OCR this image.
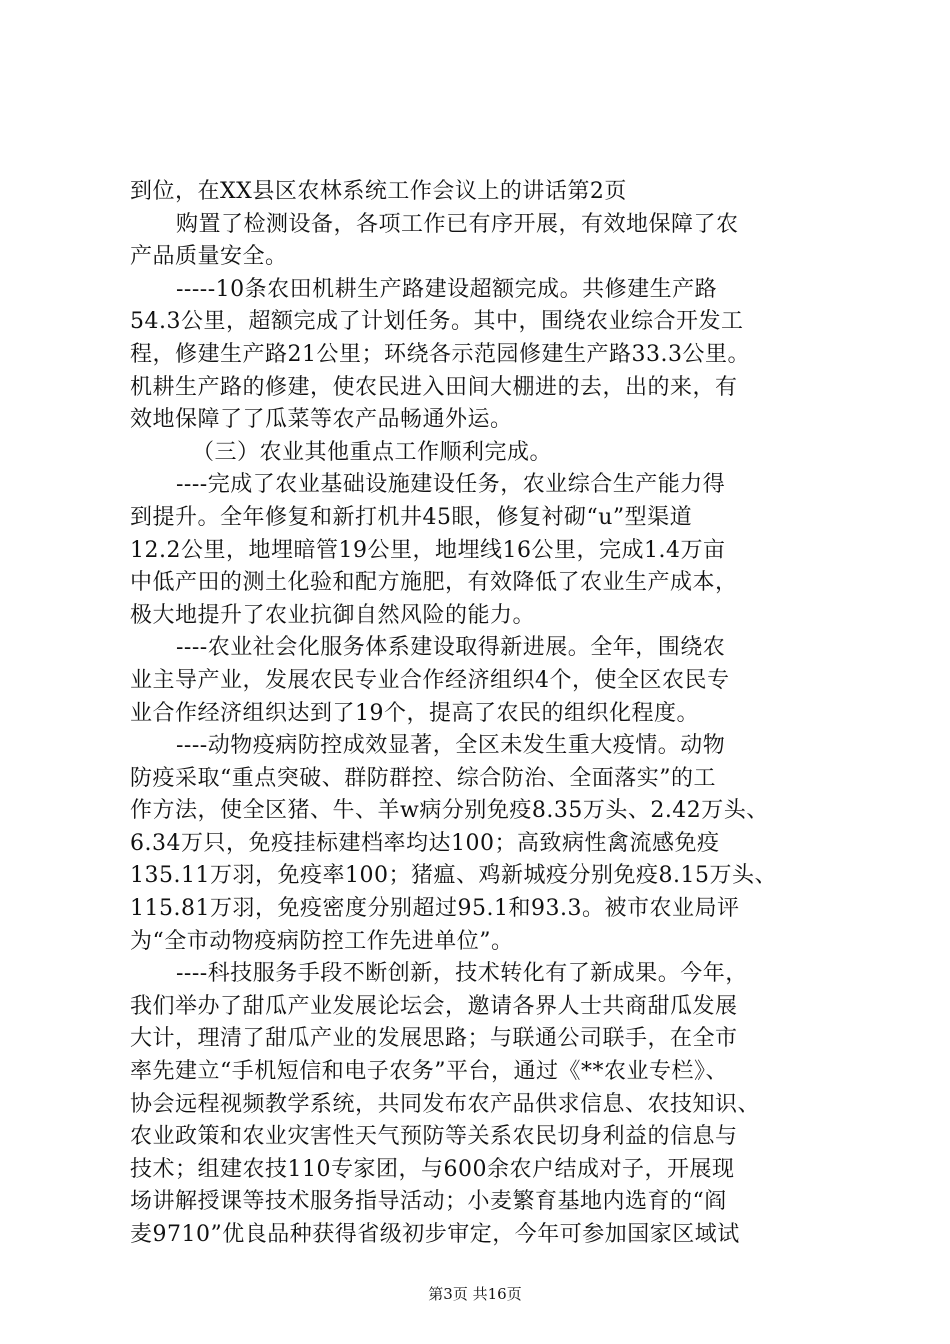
到位，在XX县区农林系统工作会议上的讲话第2页
购置了检测设备，各项工作已有序开展，有效地保障了农
产品质量安全。
-----10条农田机耕生产路建设超额完成。共修建生产路
54.3公里，超额完成了计划任务。其中，围绕农业综合开发工
程，修建生产路21公里；环绕各示范园修建生产路33.3公里。
机耕生产路的修建，使农民进入田间大棚进的去，出的来，有
效地保障了了瓜菜等农产品畅通外运。
（三）农业其他重点工作顺利完成。
----完成了农业基础设施建设任务，农业综合生产能力得
到提升。全年修复和新打机井45眼，修复衬砌“u”型渠道
12.2公里，地埋暗管19公里，地埋线16公里，完成1.4万亩
中低产田的测土化验和配方施肥，有效降低了农业生产成本，
极大地提升了农业抗御自然风险的能力。
----农业社会化服务体系建设取得新进展。全年，围绕农
业主导产业，发展农民专业合作经济组织4个，使全区农民专
业合作经济组织达到了19个，提高了农民的组织化程度。
----动物疫病防控成效显著，全区未发生重大疫情。动物
防疫采取“重点突破、群防群控、综合防治、全面落实”的工
作方法，使全区猪、牛、羊w病分别免疫8.35万头、2.42万头、
6.34万只，免疫挂标建档率均达100；高致病性禽流感免疫
135.11万羽，免疫率100；猪瘟、鸡新城疫分别免疫8.15万头、
115.81万羽，免疫密度分别超过95.1和93.3。被市农业局评
为“全市动物疫病防控工作先进单位”。
----科技服务手段不断创新，技术转化有了新成果。今年，
我们举办了甜瓜产业发展论坛会，邀请各界人士共商甜瓜发展
大计，理清了甜瓜产业的发展思路；与联通公司联手，在全市
率先建立“手机短信和电子农务”平台，通过《**农业专栏》、
协会远程视频教学系统，共同发布农产品供求信息、农技知识、
农业政策和农业灾害性天气预防等关系农民切身利益的信息与
技术；组建农技110专家团，与600余农户结成对子，开展现
场讲解授课等技术服务指导活动；小麦繁育基地内选育的“阎
麦9710”优良品种获得省级初步审定，今年可参加国家区域试
第3页 共16页
